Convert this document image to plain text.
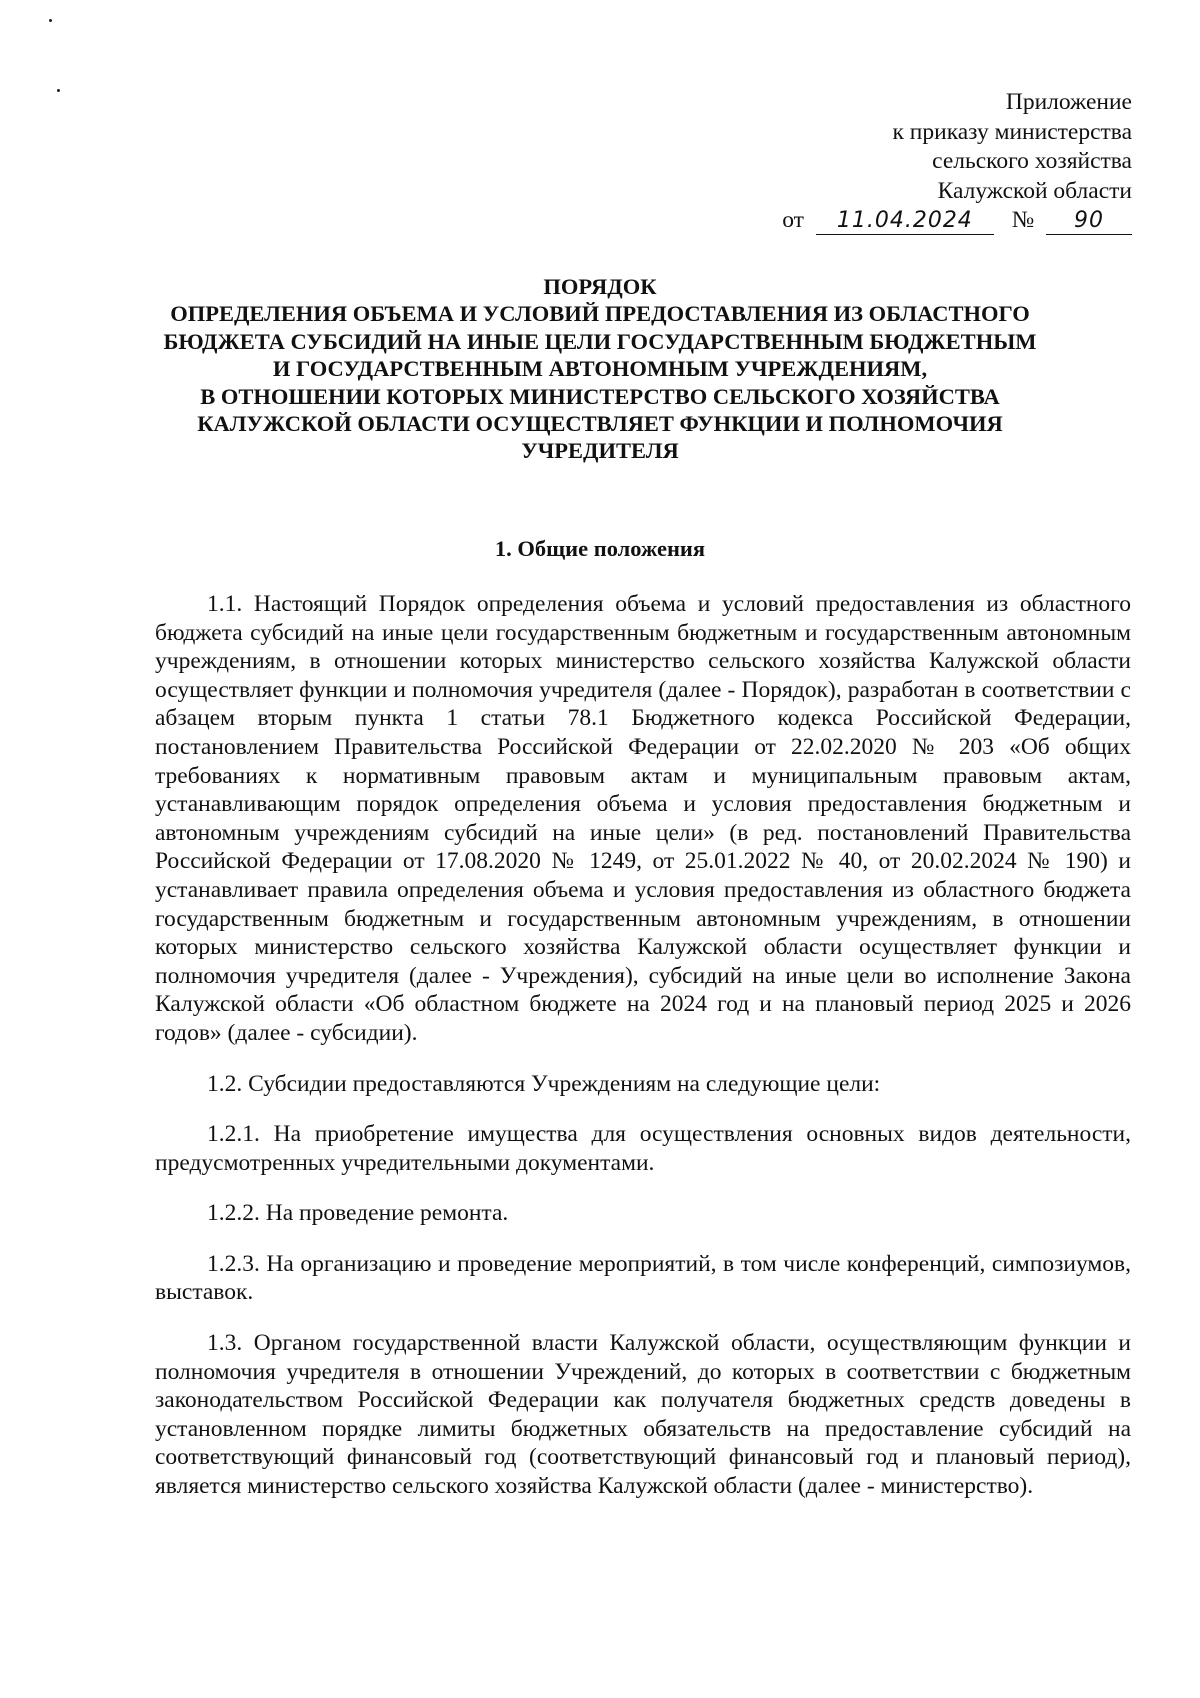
Приложение
к приказу министерства
сельского хозяйства
Калужской области
от 11.04.2024 № 90
ПОРЯДОК
ОПРЕДЕЛЕНИЯ ОБЪЕМА И УСЛОВИЙ ПРЕДОСТАВЛЕНИЯ ИЗ ОБЛАСТНОГО
БЮДЖЕТА СУБСИДИЙ НА ИНЫЕ ЦЕЛИ ГОСУДАРСТВЕННЫМ БЮДЖЕТНЫМ
И ГОСУДАРСТВЕННЫМ АВТОНОМНЫМ УЧРЕЖДЕНИЯМ,
В ОТНОШЕНИИ КОТОРЫХ МИНИСТЕРСТВО СЕЛЬСКОГО ХОЗЯЙСТВА
КАЛУЖСКОЙ ОБЛАСТИ ОСУЩЕСТВЛЯЕТ ФУНКЦИИ И ПОЛНОМОЧИЯ
УЧРЕДИТЕЛЯ
1. Общие положения

1.1. Настоящий Порядок определения объема и условий предоставления из областного бюджета субсидий на иные цели государственным бюджетным и государственным автономным учреждениям, в отношении которых министерство сельского хозяйства Калужской области осуществляет функции и полномочия учредителя (далее - Порядок), разработан в соответствии с абзацем вторым пункта 1 статьи 78.1 Бюджетного кодекса Российской Федерации, постановлением Правительства Российской Федерации от 22.02.2020 № 203 «Об общих требованиях к нормативным правовым актам и муниципальным правовым актам, устанавливающим порядок определения объема и условия предоставления бюджетным и автономным учреждениям субсидий на иные цели» (в ред. постановлений Правительства Российской Федерации от 17.08.2020 № 1249, от 25.01.2022 № 40, от 20.02.2024 № 190) и устанавливает правила определения объема и условия предоставления из областного бюджета государственным бюджетным и государственным автономным учреждениям, в отношении которых министерство сельского хозяйства Калужской области осуществляет функции и полномочия учредителя (далее - Учреждения), субсидий на иные цели во исполнение Закона Калужской области «Об областном бюджете на 2024 год и на плановый период 2025 и 2026 годов» (далее - субсидии).

1.2. Субсидии предоставляются Учреждениям на следующие цели:

1.2.1. На приобретение имущества для осуществления основных видов деятельности, предусмотренных учредительными документами.

1.2.2. На проведение ремонта.

1.2.3. На организацию и проведение мероприятий, в том числе конференций, симпозиумов, выставок.

1.3. Органом государственной власти Калужской области, осуществляющим функции и полномочия учредителя в отношении Учреждений, до которых в соответствии с бюджетным законодательством Российской Федерации как получателя бюджетных средств доведены в установленном порядке лимиты бюджетных обязательств на предоставление субсидий на соответствующий финансовый год (соответствующий финансовый год и плановый период), является министерство сельского хозяйства Калужской области (далее - министерство).
